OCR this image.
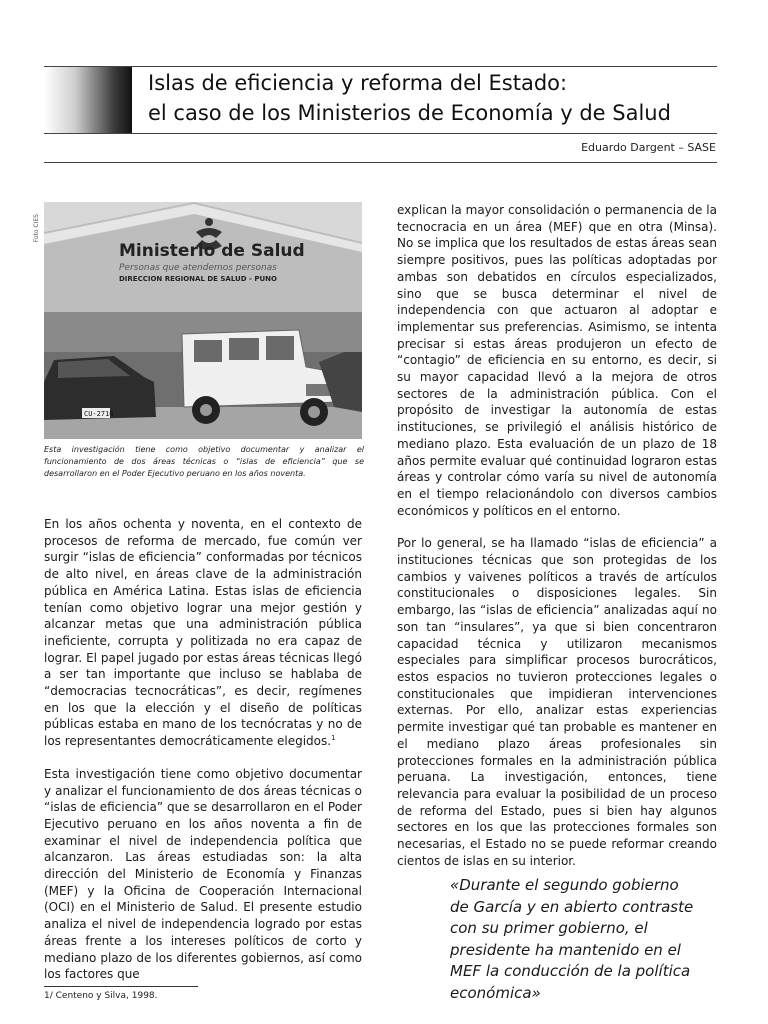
Islas de eficiencia y reforma del Estado:
el caso de los Ministerios de Economía y de Salud
Eduardo Dargent – SASE
Foto CIES
Ministerio de Salud
Personas que atendemos personas
DIRECCION REGIONAL DE SALUD - PUNO
CU-2716

Esta investigación tiene como objetivo documentar y analizar el funcionamiento de dos áreas técnicas o “islas de eficiencia” que se desarrollaron en el Poder Ejecutivo peruano en los años noventa.

En los años ochenta y noventa, en el contexto de procesos de reforma de mercado, fue común ver surgir “islas de eficiencia” conformadas por técnicos de alto nivel, en áreas clave de la administración pública en América Latina. Estas islas de eficiencia tenían como objetivo lograr una mejor gestión y alcanzar metas que una administración pública ineficiente, corrupta y politizada no era capaz de lograr. El papel jugado por estas áreas técnicas llegó a ser tan importante que incluso se hablaba de “democracias tecnocráticas”, es decir, regímenes en los que la elección y el diseño de políticas públicas estaba en mano de los tecnócratas y no de los representantes democráticamente elegidos.$^1$

Esta investigación tiene como objetivo documentar y analizar el funcionamiento de dos áreas técnicas o “islas de eficiencia” que se desarrollaron en el Poder Ejecutivo peruano en los años noventa a fin de examinar el nivel de independencia política que alcanzaron. Las áreas estudiadas son: la alta dirección del Ministerio de Economía y Finanzas (MEF) y la Oficina de Cooperación Internacional (OCI) en el Ministerio de Salud. El presente estudio analiza el nivel de independencia logrado por estas áreas frente a los intereses políticos de corto y mediano plazo de los diferentes gobiernos, así como los factores que

explican la mayor consolidación o permanencia de la tecnocracia en un área (MEF) que en otra (Minsa). No se implica que los resultados de estas áreas sean siempre positivos, pues las políticas adoptadas por ambas son debatidos en círculos especializados, sino que se busca determinar el nivel de independencia con que actuaron al adoptar e implementar sus preferencias. Asimismo, se intenta precisar si estas áreas produjeron un efecto de “contagio” de eficiencia en su entorno, es decir, si su mayor capacidad llevó a la mejora de otros sectores de la administración pública. Con el propósito de investigar la autonomía de estas instituciones, se privilegió el análisis histórico de mediano plazo. Esta evaluación de un plazo de 18 años permite evaluar qué continuidad lograron estas áreas y controlar cómo varía su nivel de autonomía en el tiempo relacionándolo con diversos cambios económicos y políticos en el entorno.

Por lo general, se ha llamado “islas de eficiencia” a instituciones técnicas que son protegidas de los cambios y vaivenes políticos a través de artículos constitucionales o disposiciones legales. Sin embargo, las “islas de eficiencia” analizadas aquí no son tan “insulares”, ya que si bien concentraron capacidad técnica y utilizaron mecanismos especiales para simplificar procesos burocráticos, estos espacios no tuvieron protecciones legales o constitucionales que impidieran intervenciones externas. Por ello, analizar estas experiencias permite investigar qué tan probable es mantener en el mediano plazo áreas profesionales sin protecciones formales en la administración pública peruana. La investigación, entonces, tiene relevancia para evaluar la posibilidad de un proceso de reforma del Estado, pues si bien hay algunos sectores en los que las protecciones formales son necesarias, el Estado no se puede reformar creando cientos de islas en su interior.

«Durante el segundo gobierno de García y en abierto contraste con su primer gobierno, el presidente ha mantenido en el MEF la conducción de la política económica»

1/ Centeno y Silva, 1998.
